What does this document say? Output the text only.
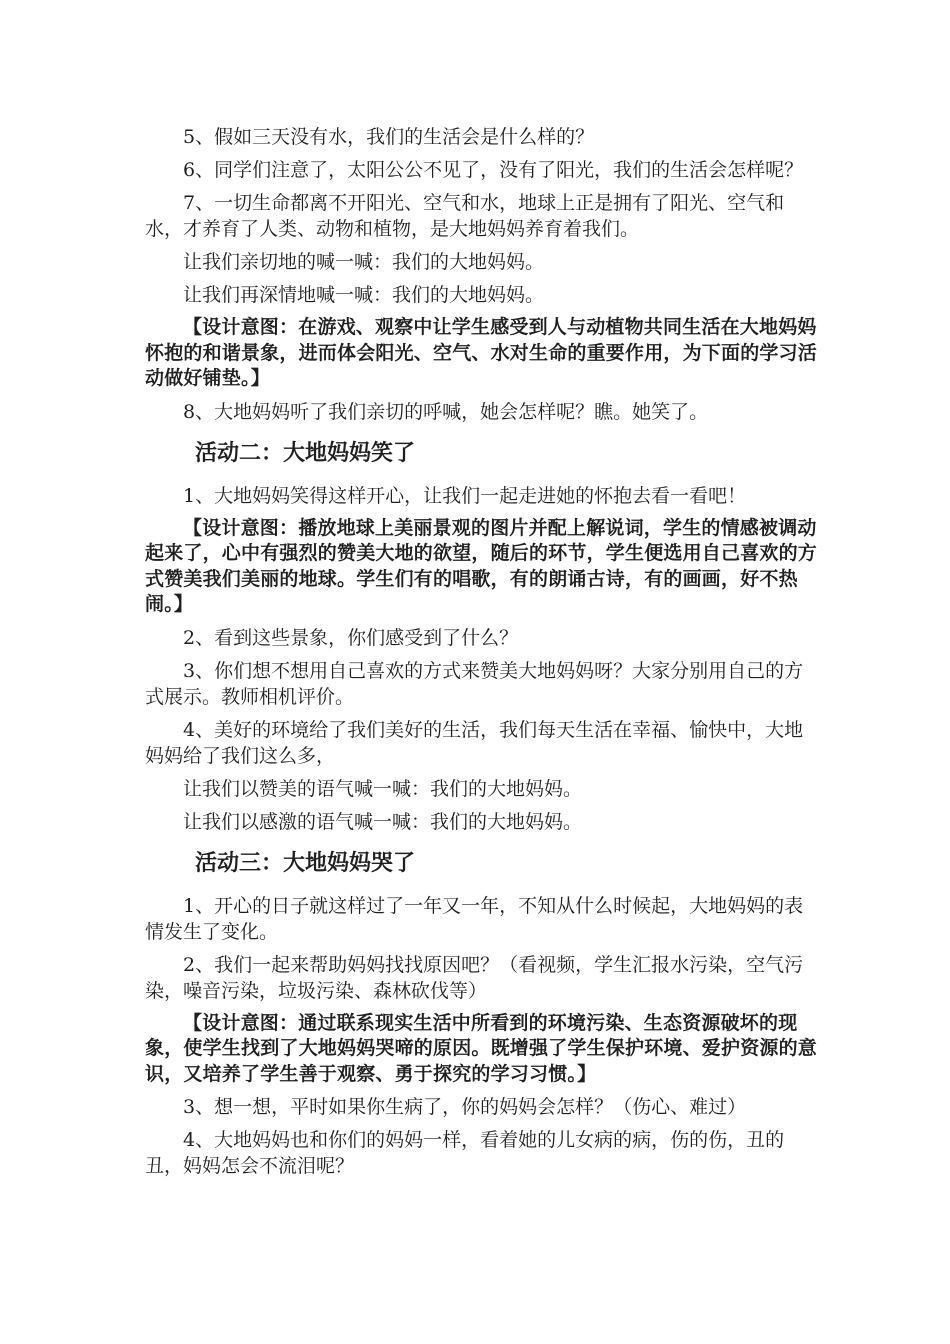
5、假如三天没有水，我们的生活会是什么样的？

6、同学们注意了，太阳公公不见了，没有了阳光，我们的生活会怎样呢？

7、一切生命都离不开阳光、空气和水，地球上正是拥有了阳光、空气和水，才养育了人类、动物和植物，是大地妈妈养育着我们。

让我们亲切地的喊一喊：我们的大地妈妈。

让我们再深情地喊一喊：我们的大地妈妈。

【设计意图：在游戏、观察中让学生感受到人与动植物共同生活在大地妈妈怀抱的和谐景象，进而体会阳光、空气、水对生命的重要作用，为下面的学习活动做好铺垫。】

8、大地妈妈听了我们亲切的呼喊，她会怎样呢？瞧。她笑了。

活动二：大地妈妈笑了

1、大地妈妈笑得这样开心，让我们一起走进她的怀抱去看一看吧！

【设计意图：播放地球上美丽景观的图片并配上解说词，学生的情感被调动起来了，心中有强烈的赞美大地的欲望，随后的环节，学生便选用自己喜欢的方式赞美我们美丽的地球。学生们有的唱歌，有的朗诵古诗，有的画画，好不热闹。】

2、看到这些景象，你们感受到了什么？

3、你们想不想用自己喜欢的方式来赞美大地妈妈呀？大家分别用自己的方式展示。教师相机评价。

4、美好的环境给了我们美好的生活，我们每天生活在幸福、愉快中，大地妈妈给了我们这么多，

让我们以赞美的语气喊一喊：我们的大地妈妈。

让我们以感激的语气喊一喊：我们的大地妈妈。

活动三：大地妈妈哭了

1、开心的日子就这样过了一年又一年，不知从什么时候起，大地妈妈的表情发生了变化。

2、我们一起来帮助妈妈找找原因吧？（看视频，学生汇报水污染，空气污染，噪音污染，垃圾污染、森林砍伐等）

【设计意图：通过联系现实生活中所看到的环境污染、生态资源破坏的现象，使学生找到了大地妈妈哭啼的原因。既增强了学生保护环境、爱护资源的意识，又培养了学生善于观察、勇于探究的学习习惯。】

3、想一想，平时如果你生病了，你的妈妈会怎样？（伤心、难过）

4、大地妈妈也和你们的妈妈一样，看着她的儿女病的病，伤的伤，丑的丑，妈妈怎会不流泪呢？
